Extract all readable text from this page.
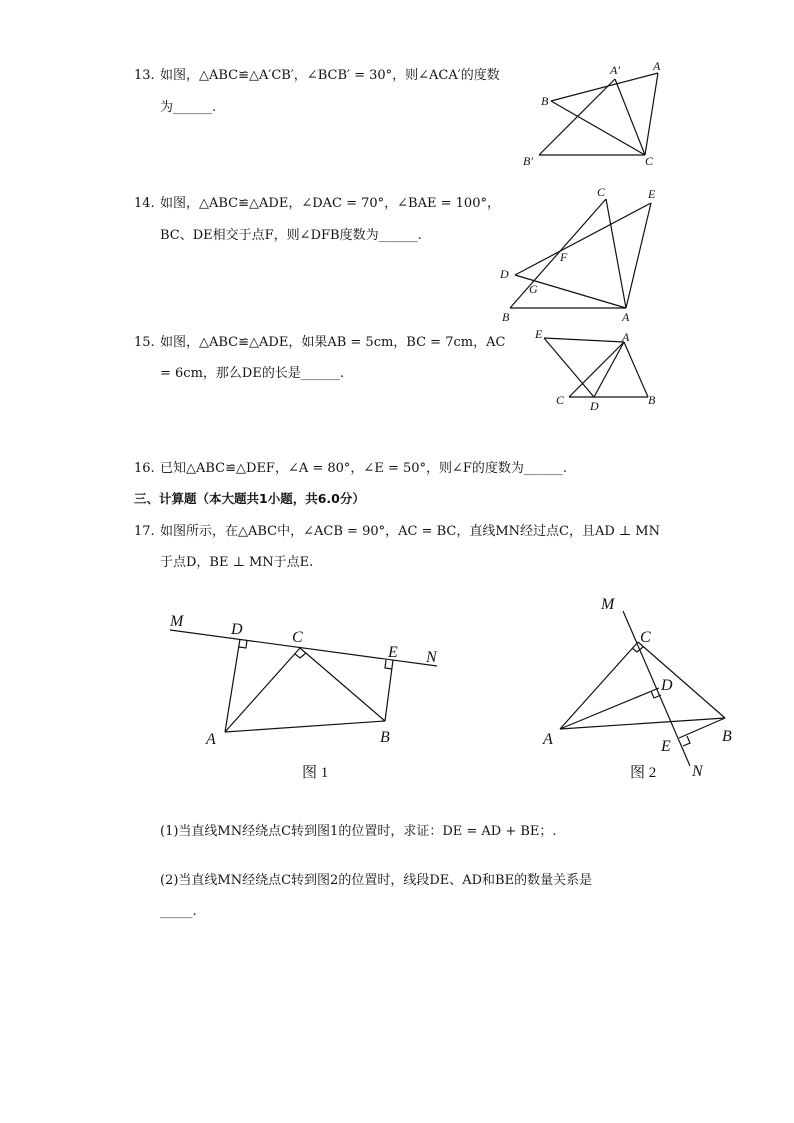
13. 如图，△ABC≌△A′CB′，∠BCB′ = 30°，则∠ACA′的度数
为______.	B
A′	A
B′	C
14. 如图，△ABC≌△ADE，∠DAC = 70°，∠BAE = 100°，
BC、DE相交于点F，则∠DFB度数为______.
C	E
F
D
G
B	A
15. 如图，△ABC≌△ADE，如果AB = 5cm，BC = 7cm，AC
= 6cm，那么DE的长是______.
E	A
C D	B
16. 已知△ABC≌△DEF，∠A = 80°，∠E = 50°，则∠F的度数为______.
三、计算题（本大题共1小题，共6.0分）
17. 如图所示，在△ABC中，∠ACB = 90°，AC = BC，直线MN经过点C，且AD ⊥ MN
于点D，BE ⊥ MN于点E.
M	D	C
E N
A	B
图 1
M
C
D
E
A	B
N
图 2
(1)当直线MN经绕点C转到图1的位置时，求证：DE = AD + BE；.
(2)当直线MN经绕点C转到图2的位置时，线段DE、AD和BE的数量关系是
_____.
